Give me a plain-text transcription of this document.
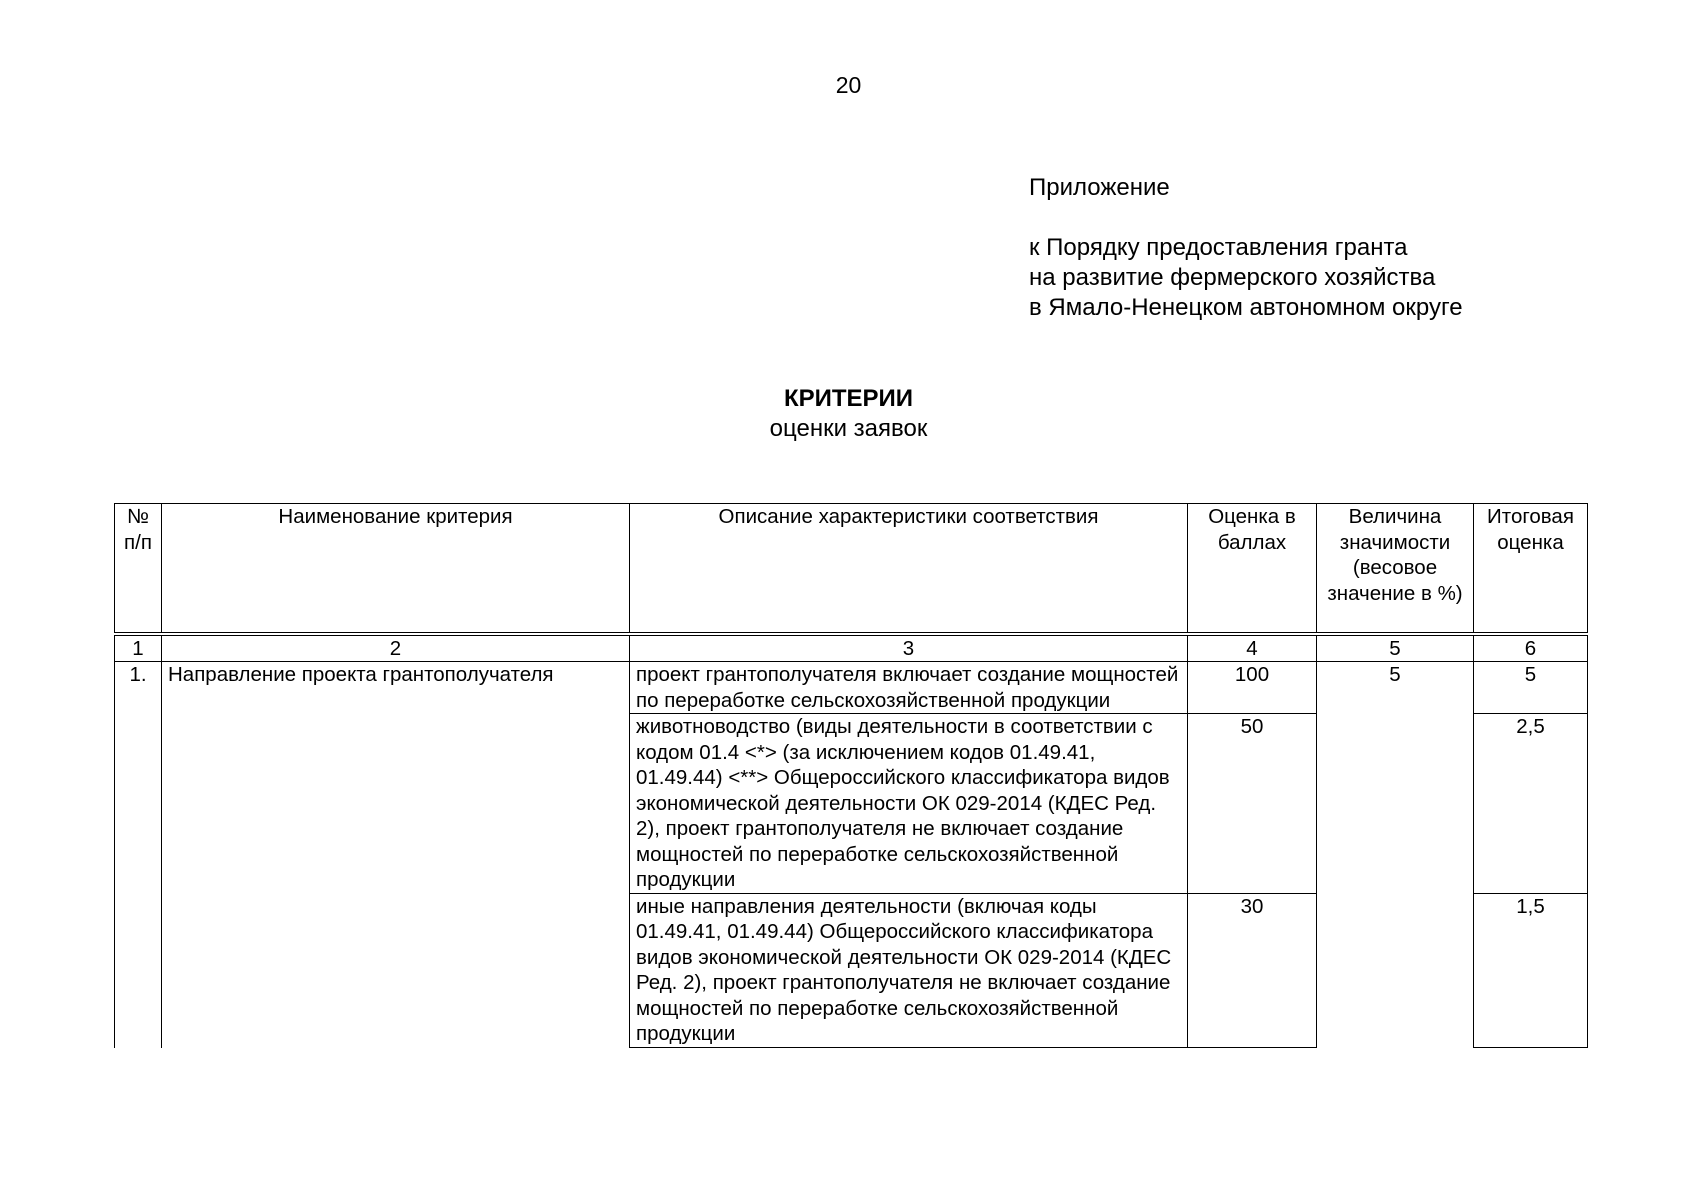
20
Приложение
к Порядку предоставления гранта
на развитие фермерского хозяйства
в Ямало-Ненецком автономном округе
КРИТЕРИИ
оценки заявок
№ п/п	Наименование критерия	Описание характеристики соответствия	Оценка в баллах	Величина значимости (весовое значение в %)	Итоговая оценка

1	2	3	4	5	6
1.	Направление проекта грантополучателя	проект грантополучателя включает создание мощностей по переработке сельскохозяйственной продукции	100	5	5
		животноводство (виды деятельности в соответствии с кодом 01.4 <*> (за исключением кодов 01.49.41, 01.49.44) <**> Общероссийского классификатора видов экономической деятельности ОК 029-2014 (КДЕС Ред. 2), проект грантополучателя не включает создание мощностей по переработке сельскохозяйственной продукции	50		2,5
		иные направления деятельности (включая коды 01.49.41, 01.49.44) Общероссийского классификатора видов экономической деятельности ОК 029-2014 (КДЕС Ред. 2), проект грантополучателя не включает создание мощностей по переработке сельскохозяйственной продукции	30		1,5
